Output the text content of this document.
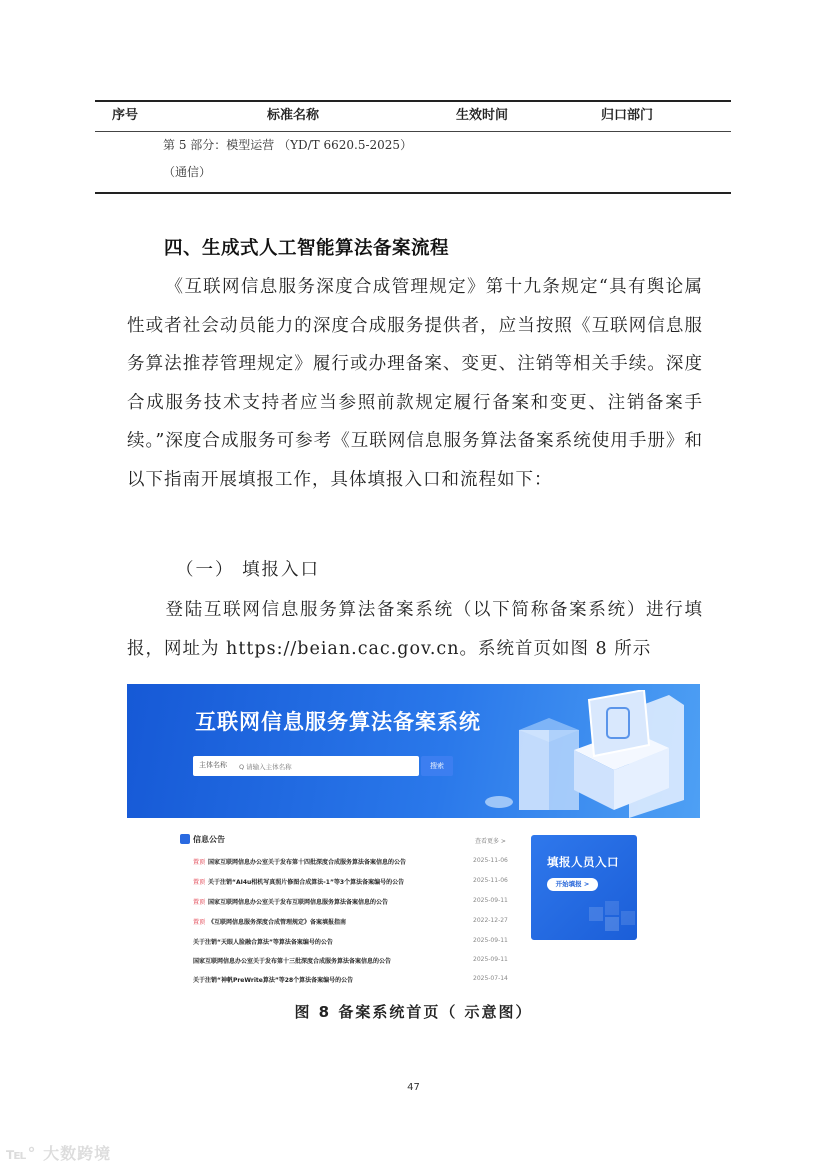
序号	标准名称	生效时间	归口部门
第 5 部分：模型运营 （YD/T 6620.5-2025）
（通信）
四、生成式人工智能算法备案流程

《互联网信息服务深度合成管理规定》第十九条规定“具有舆论属性或者社会动员能力的深度合成服务提供者，应当按照《互联网信息服务算法推荐管理规定》履行或办理备案、变更、注销等相关手续。深度合成服务技术支持者应当参照前款规定履行备案和变更、注销备案手续。”深度合成服务可参考《互联网信息服务算法备案系统使用手册》和以下指南开展填报工作，具体填报入口和流程如下：

（一） 填报入口

登陆互联网信息服务算法备案系统（以下简称备案系统）进行填报，网址为 https://beian.cac.gov.cn。系统首页如图 8 所示

互联网信息服务算法备案系统
主体名称
Q 请输入主体名称	搜索
信息公告	查看更多 >
置顶 国家互联网信息办公室关于发布第十四批深度合成服务算法备案信息的公告	2025-11-06
置顶 关于注销“AI4u相机写真照片修图合成算法-1”等3个算法备案编号的公告	2025-11-06
置顶 国家互联网信息办公室关于发布互联网信息服务算法备案信息的公告	2025-09-11
置顶 《互联网信息服务深度合成管理规定》备案填报指南	2022-12-27
关于注销“天眼人脸融合算法”等算法备案编号的公告	2025-09-11
国家互联网信息办公室关于发布第十三批深度合成服务算法备案信息的公告	2025-09-11
关于注销“神帆PreWrite算法”等28个算法备案编号的公告	2025-07-14
填报人员入口
开始填报 >
图 8 备案系统首页（ 示意图）
47
℡° 大数跨境
